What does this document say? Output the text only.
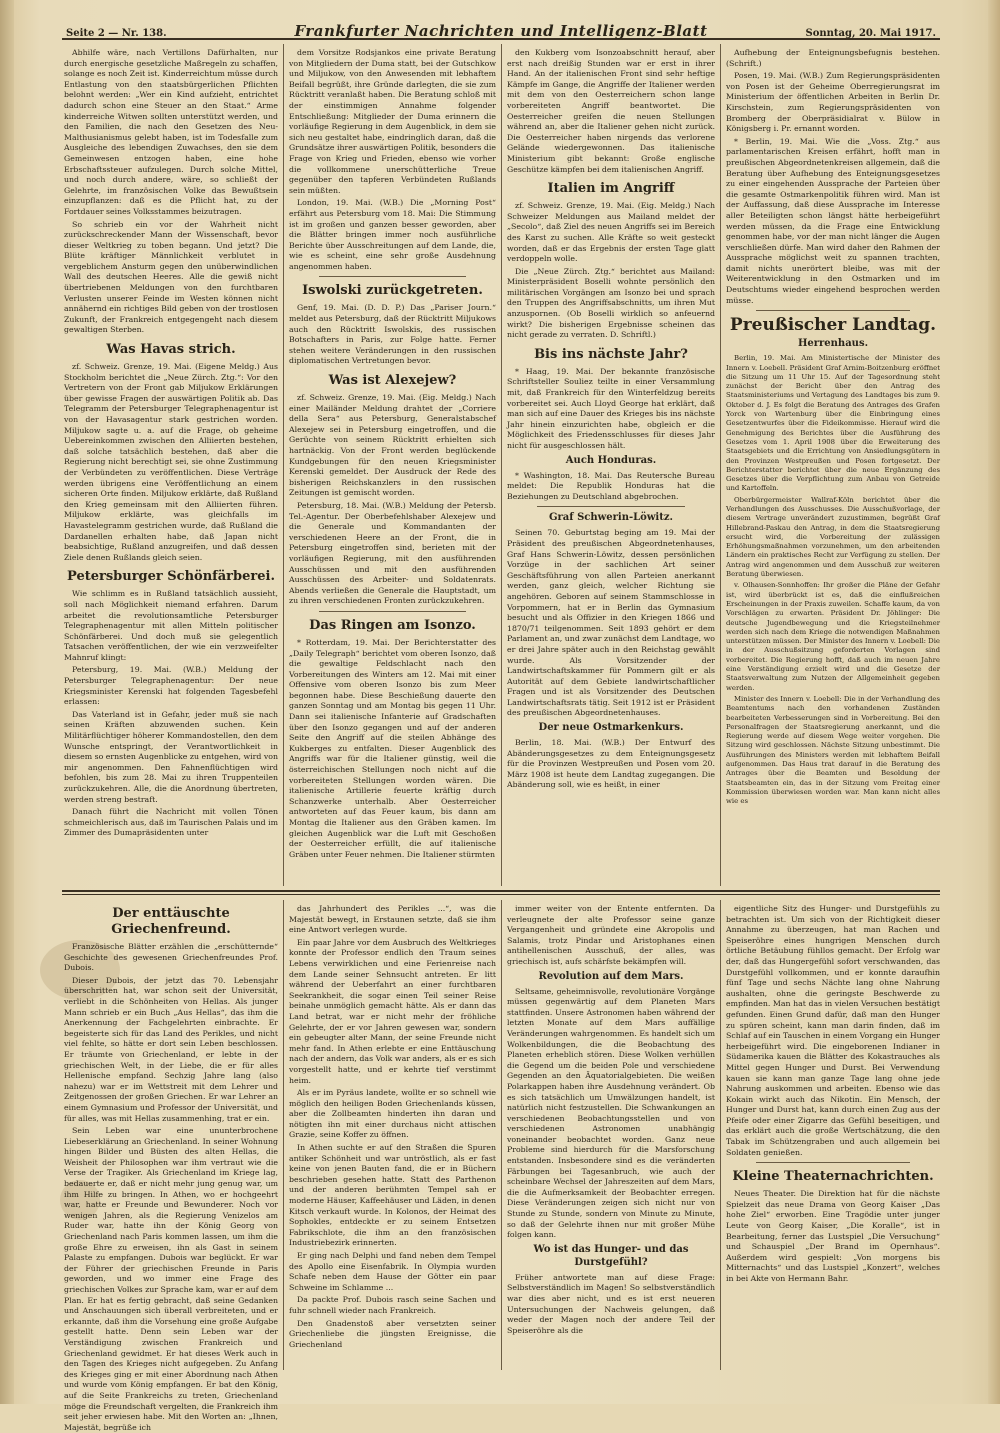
Seite 2 — Nr. 138.	Frankfurter Nachrichten und Intelligenz-Blatt	Sonntag, 20. Mai 1917.

Abhilfe wäre, nach Vertillons Dafürhalten, nur durch energische gesetzliche Maßregeln zu schaffen, solange es noch Zeit ist. Kinderreichtum müsse durch Entlastung von den staatsbürgerlichen Pflichten belohnt werden: „Wer ein Kind aufzieht, entrichtet dadurch schon eine Steuer an den Staat.“ Arme kinderreiche Witwen sollten unterstützt werden, und den Familien, die nach den Gesetzen des Neu-Malthusianismus gelebt haben, ist im Todesfalle zum Ausgleiche des lebendigen Zuwachses, den sie dem Gemeinwesen entzogen haben, eine hohe Erbschaftssteuer aufzulegen. Durch solche Mittel, und noch durch andere, wäre, so schließt der Gelehrte, im französischen Volke das Bewußtsein einzupflanzen: daß es die Pflicht hat, zu der Fortdauer seines Volksstammes beizutragen.

So schrieb ein vor der Wahrheit nicht zurückschreckender Mann der Wissenschaft, bevor dieser Weltkrieg zu toben begann. Und jetzt? Die Blüte kräftiger Männlichkeit verblutet in vergeblichem Ansturm gegen den unüberwindlichen Wall des deutschen Heeres. Alle die gewiß nicht übertriebenen Meldungen von den furchtbaren Verlusten unserer Feinde im Westen können nicht annähernd ein richtiges Bild geben von der trostlosen Zukunft, der Frankreich entgegengeht nach diesem gewaltigen Sterben.

Was Havas strich.

zf. Schweiz. Grenze, 19. Mai. (Eigene Meldg.) Aus Stockholm berichtet die „Neue Zürch. Ztg.“: Vor den Vertretern von der Front gab Miljukow Erklärungen über gewisse Fragen der auswärtigen Politik ab. Das Telegramm der Petersburger Telegraphenagentur ist von der Havasagentur stark gestrichen worden. Miljukow sagte u. a. auf die Frage, ob geheime Uebereinkommen zwischen den Alliierten bestehen, daß solche tatsächlich bestehen, daß aber die Regierung nicht berechtigt sei, sie ohne Zustimmung der Verbündeten zu veröffentlichen. Diese Verträge werden übrigens eine Veröffentlichung an einem sicheren Orte finden. Miljukow erklärte, daß Rußland den Krieg gemeinsam mit den Alliierten führen. Miljukow erklärte, was gleichfalls im Havastelegramm gestrichen wurde, daß Rußland die Dardanellen erhalten habe, daß Japan nicht beabsichtige, Rußland anzugreifen, und daß dessen Ziele denen Rußlands gleich seien.

Petersburger Schönfärberei.

Wie schlimm es in Rußland tatsächlich aussieht, soll nach Möglichkeit niemand erfahren. Darum arbeitet die revolutionsamtliche Petersburger Telegraphenagentur mit allen Mitteln politischer Schönfärberei. Und doch muß sie gelegentlich Tatsachen veröffentlichen, der wie ein verzweifelter Mahnruf klingt:

Petersburg, 19. Mai. (W.B.) Meldung der Petersburger Telegraphenagentur: Der neue Kriegsminister Kerenski hat folgenden Tagesbefehl erlassen:

Das Vaterland ist in Gefahr, jeder muß sie nach seinen Kräften abzuwenden suchen. Kein Militärflüchtiger höherer Kommandostellen, den dem Wunsche entspringt, der Verantwortlichkeit in diesem so ernsten Augenblicke zu entgehen, wird von mir angenommen. Den Fahnenflüchtigen wird befohlen, bis zum 28. Mai zu ihren Truppenteilen zurückzukehren. Alle, die die Anordnung übertreten, werden streng bestraft.

Danach führt die Nachricht mit vollen Tönen schmeichlerisch aus, daß im Taurischen Palais und im Zimmer des Dumapräsidenten unter

dem Vorsitze Rodsjankos eine private Beratung von Mitgliedern der Duma statt, bei der Gutschkow und Miljukow, von den Anwesenden mit lebhaftem Beifall begrüßt, ihre Gründe darlegten, die sie zum Rücktritt veranlaßt haben. Die Beratung schloß mit der einstimmigen Annahme folgender Entschließung: Mitglieder der Duma erinnern die vorläufige Regierung in dem Augenblick, in dem sie sich neu gestaltet habe, eindringlich daran, daß die Grundsätze ihrer auswärtigen Politik, besonders die Frage von Krieg und Frieden, ebenso wie vorher die vollkommene unerschütterliche Treue gegenüber den tapferen Verbündeten Rußlands sein müßten.

London, 19. Mai. (W.B.) Die „Morning Post“ erfährt aus Petersburg vom 18. Mai: Die Stimmung ist im großen und ganzen besser geworden, aber die Blätter bringen immer noch ausführliche Berichte über Ausschreitungen auf dem Lande, die, wie es scheint, eine sehr große Ausdehnung angenommen haben.

Iswolski zurückgetreten.

Genf, 19. Mai. (D. D. P.) Das „Pariser Journ.“ meldet aus Petersburg, daß der Rücktritt Miljukows auch den Rücktritt Iswolskis, des russischen Botschafters in Paris, zur Folge hatte. Ferner stehen weitere Veränderungen in den russischen diplomatischen Vertretungen bevor.

Was ist Alexejew?

zf. Schweiz. Grenze, 19. Mai. (Eig. Meldg.) Nach einer Mailänder Meldung drahtet der „Corriere della Sera“ aus Petersburg, Generalstabschef Alexejew sei in Petersburg eingetroffen, und die Gerüchte von seinem Rücktritt erhielten sich hartnäckig. Von der Front werden beglückende Kundgebungen für den neuen Kriegsminister Kerenski gemeldet. Der Ausdruck der Rede des bisherigen Reichskanzlers in den russischen Zeitungen ist gemischt worden.

Petersburg, 18. Mai. (W.B.) Meldung der Petersb. Tel.-Agentur. Der Oberbefehlshaber Alexejew und die Generale und Kommandanten der verschiedenen Heere an der Front, die in Petersburg eingetroffen sind, berieten mit der vorläufigen Regierung, mit den ausführenden Ausschüssen und mit den ausführenden Ausschüssen des Arbeiter- und Soldatenrats. Abends verließen die Generale die Hauptstadt, um zu ihren verschiedenen Fronten zurückzukehren.

Das Ringen am Isonzo.

* Rotterdam, 19. Mai. Der Berichterstatter des „Daily Telegraph“ berichtet vom oberen Isonzo, daß die gewaltige Feldschlacht nach den Vorbereitungen des Winters am 12. Mai mit einer Offensive vom oberen Isonzo bis zum Meer begonnen habe. Diese Beschießung dauerte den ganzen Sonntag und am Montag bis gegen 11 Uhr. Dann sei italienische Infanterie auf Gradschaften über den Isonzo gegangen und auf der anderen Seite den Angriff auf die steilen Abhänge des Kukberges zu entfalten. Dieser Augenblick des Angriffs war für die Italiener günstig, weil die österreichischen Stellungen noch nicht auf die vorbereiteten Stellungen worden wären. Die italienische Artillerie feuerte kräftig durch Schanzwerke unterhalb. Aber Oesterreicher antworteten auf das Feuer kaum, bis dann am Montag die Italiener aus den Gräben kamen. Im gleichen Augenblick war die Luft mit Geschoßen der Oesterreicher erfüllt, die auf italienische Gräben unter Feuer nehmen. Die Italiener stürmten

den Kukberg vom Isonzoabschnitt herauf, aber erst nach dreißig Stunden war er erst in ihrer Hand. An der italienischen Front sind sehr heftige Kämpfe im Gange, die Angriffe der Italiener werden mit dem von den Oesterreichern schon lange vorbereiteten Angriff beantwortet. Die Oesterreicher greifen die neuen Stellungen während an, aber die Italiener gehen nicht zurück. Die Oesterreicher haben nirgends das verlorene Gelände wiedergewonnen. Das italienische Ministerium gibt bekannt: Große englische Geschütze kämpfen bei dem italienischen Angriff.

Italien im Angriff

zf. Schweiz. Grenze, 19. Mai. (Eig. Meldg.) Nach Schweizer Meldungen aus Mailand meldet der „Secolo“, daß Ziel des neuen Angriffs sei im Bereich des Karst zu suchen. Alle Kräfte so weit gesteckt worden, daß er das Ergebnis der ersten Tage glatt verdoppeln wolle.

Die „Neue Zürch. Ztg.“ berichtet aus Mailand: Ministerpräsident Boselli wohnte persönlich den militärischen Vorgängen am Isonzo bei und sprach den Truppen des Angriffsabschnitts, um ihren Mut anzuspornen. (Ob Boselli wirklich so anfeuernd wirkt? Die bisherigen Ergebnisse scheinen das nicht gerade zu verraten. D. Schriftl.)

Bis ins nächste Jahr?

* Haag, 19. Mai. Der bekannte französische Schriftsteller Souliez teilte in einer Versammlung mit, daß Frankreich für den Winterfeldzug bereits vorbereitet sei. Auch Lloyd George hat erklärt, daß man sich auf eine Dauer des Krieges bis ins nächste Jahr hinein einzurichten habe, obgleich er die Möglichkeit des Friedensschlusses für dieses Jahr nicht für ausgeschlossen hält.

Auch Honduras.

* Washington, 18. Mai. Das Reutersche Bureau meldet: Die Republik Honduras hat die Beziehungen zu Deutschland abgebrochen.

Graf Schwerin-Löwitz.

Seinen 70. Geburtstag beging am 19. Mai der Präsident des preußischen Abgeordnetenhauses, Graf Hans Schwerin-Löwitz, dessen persönlichen Vorzüge in der sachlichen Art seiner Geschäftsführung von allen Parteien anerkannt werden, ganz gleich, welcher Richtung sie angehören. Geboren auf seinem Stammschlosse in Vorpommern, hat er in Berlin das Gymnasium besucht und als Offizier in den Kriegen 1866 und 1870/71 teilgenommen. Seit 1893 gehört er dem Parlament an, und zwar zunächst dem Landtage, wo er drei Jahre später auch in den Reichstag gewählt wurde. Als Vorsitzender der Landwirtschaftskammer für Pommern gilt er als Autorität auf dem Gebiete landwirtschaftlicher Fragen und ist als Vorsitzender des Deutschen Landwirtschaftsrats tätig. Seit 1912 ist er Präsident des preußischen Abgeordnetenhauses.

Der neue Ostmarkenkurs.

Berlin, 18. Mai. (W.B.) Der Entwurf des Abänderungsgesetzes zu dem Enteignungsgesetz für die Provinzen Westpreußen und Posen vom 20. März 1908 ist heute dem Landtag zugegangen. Die Abänderung soll, wie es heißt, in einer

Aufhebung der Enteignungsbefugnis bestehen. (Schrift.)

Posen, 19. Mai. (W.B.) Zum Regierungspräsidenten von Posen ist der Geheime Oberregierungsrat im Ministerium der öffentlichen Arbeiten in Berlin Dr. Kirschstein, zum Regierungspräsidenten von Bromberg der Oberpräsidialrat v. Bülow in Königsberg i. Pr. ernannt worden.

* Berlin, 19. Mai. Wie die „Voss. Ztg.“ aus parlamentarischen Kreisen erfährt, hofft man in preußischen Abgeordnetenkreisen allgemein, daß die Beratung über Aufhebung des Enteignungsgesetzes zu einer eingehenden Aussprache der Parteien über die gesamte Ostmarkenpolitik führen wird. Man ist der Auffassung, daß diese Aussprache im Interesse aller Beteiligten schon längst hätte herbeigeführt werden müssen, da die Frage eine Entwicklung genommen habe, vor der man nicht länger die Augen verschließen dürfe. Man wird daher den Rahmen der Aussprache möglichst weit zu spannen trachten, damit nichts unerörtert bleibe, was mit der Weiterentwicklung in den Ostmarken und im Deutschtums wieder eingehend besprochen werden müsse.

Preußischer Landtag.
Herrenhaus.

Berlin, 19. Mai. Am Ministertische der Minister des Innern v. Loebell. Präsident Graf Arnim-Boitzenburg eröffnet die Sitzung um 11 Uhr 15. Auf der Tagesordnung steht zunächst der Bericht über den Antrag des Staatsministeriums und Vertagung des Landtages bis zum 9. Oktober d. J. Es folgt die Beratung des Antrages des Grafen Yorck von Wartenburg über die Einbringung eines Gesetzentwurfes über die Fideikommisse. Hierauf wird die Genehmigung des Berichtes über die Ausführung des Gesetzes vom 1. April 1908 über die Erweiterung des Staatsgebiets und die Errichtung von Ansiedlungsgütern in den Provinzen Westpreußen und Posen fortgesetzt. Der Berichterstatter berichtet über die neue Ergänzung des Gesetzes über die Verpflichtung zum Anbau von Getreide und Kartoffeln.

Oberbürgermeister Wallraf-Köln berichtet über die Verhandlungen des Ausschusses. Die Ausschußvorlage, der diesem Vertrage unverändert zuzustimmen, begrüßt Graf Hillebrand-Paskau den Antrag, in dem die Staatsregierung ersucht wird, die Vorbereitung der zulässigen Erhöhungsmaßnahmen vorzunehmen, um den arbeitenden Ländern ein praktisches Recht zur Verfügung zu stellen. Der Antrag wird angenommen und dem Ausschuß zur weiteren Beratung überwiesen.

v. Olhausen-Sonnhoffen: Ihr großer die Pläne der Gefahr ist, wird überbrückt ist es, daß die einflußreichen Erscheinungen in der Praxis zuweilen. Schaffe kaum, da von Vorschlägen zu erwarten. Präsident Dr. Jöhlinger: Die deutsche Jugendbewegung und die Kriegsteilnehmer werden sich nach dem Kriege die notwendigen Maßnahmen unterstützen müssen. Der Minister des Innern v. Loebell: Die in der Ausschußsitzung geforderten Vorlagen sind vorbereitet. Die Regierung hofft, daß auch im neuen Jahre eine Verständigung erzielt wird und die Gesetze der Staatsverwaltung zum Nutzen der Allgemeinheit gegeben werden.

Minister des Innern v. Loebell: Die in der Verhandlung des Beamtentums nach den vorhandenen Zuständen bearbeiteten Verbesserungen sind in Vorbereitung. Bei den Personalfragen der Staatsregierung anerkannt, und die Regierung werde auf diesem Wege weiter vorgehen. Die Sitzung wird geschlossen. Nächste Sitzung unbestimmt. Die Ausführungen des Ministers werden mit lebhaftem Beifall aufgenommen. Das Haus trat darauf in die Beratung des Antrages über die Beamten und Besoldung der Staatsbeamten ein, das in der Sitzung vom Freitag einer Kommission überwiesen worden war. Man kann nicht alles wie es

Der enttäuschte Griechenfreund.

Französische Blätter erzählen die „erschütternde“ Geschichte des gewesenen Griechenfreundes Prof. Dubois.

Dieser Dubois, der jetzt das 70. Lebensjahr überschritten hat, war schon seit der Universität, verliebt in die Schönheiten von Hellas. Als junger Mann schrieb er ein Buch „Aus Hellas“, das ihm die Anerkennung der Fachgelehrten einbrachte. Er begeisterte sich für das Land des Perikles, und nicht viel fehlte, so hätte er dort sein Leben beschlossen. Er träumte von Griechenland, er lebte in der griechischen Welt, in der Liebe, die er für alles Hellenische empfand. Sechzig Jahre lang (also nahezu) war er im Wettstreit mit dem Lehrer und Zeitgenossen der großen Griechen. Er war Lehrer an einem Gymnasium und Professor der Universität, und für alles, was mit Hellas zusammenhing, trat er ein.

Sein Leben war eine ununterbrochene Liebeserklärung an Griechenland. In seiner Wohnung hingen Bilder und Büsten des alten Hellas, die Weisheit der Philosophen war ihm vertraut wie die Verse der Tragiker. Als Griechenland im Kriege lag, bedauerte er, daß er nicht mehr jung genug war, um ihm Hilfe zu bringen. In Athen, wo er hochgeehrt war, hatte er Freunde und Bewunderer. Noch vor wenigen Jahren, als die Regierung Venizelos am Ruder war, hatte ihn der König Georg von Griechenland nach Paris kommen lassen, um ihm die große Ehre zu erweisen, ihn als Gast in seinem Palaste zu empfangen. Dubois war beglückt. Er war der Führer der griechischen Freunde in Paris geworden, und wo immer eine Frage des griechischen Volkes zur Sprache kam, war er auf dem Plan. Er hat es fertig gebracht, daß seine Gedanken und Anschauungen sich überall verbreiteten, und er erkannte, daß ihm die Vorsehung eine große Aufgabe gestellt hatte. Denn sein Leben war der Verständigung zwischen Frankreich und Griechenland gewidmet. Er hat dieses Werk auch in den Tagen des Krieges nicht aufgegeben. Zu Anfang des Krieges ging er mit einer Abordnung nach Athen und wurde vom König empfangen. Er bat den König, auf die Seite Frankreichs zu treten, Griechenland möge die Freundschaft vergelten, die Frankreich ihm seit jeher erwiesen habe. Mit den Worten an: „Ihnen, Majestät, begrüße ich

das Jahrhundert des Perikles ...“, was die Majestät bewegt, in Erstaunen setzte, daß sie ihm eine Antwort verlegen wurde.

Ein paar Jahre vor dem Ausbruch des Weltkrieges konnte der Professor endlich den Traum seines Lebens verwirklichen und eine Ferienreise nach dem Lande seiner Sehnsucht antreten. Er litt während der Ueberfahrt an einer furchtbaren Seekrankheit, die sogar einen Teil seiner Reise beinahe unmöglich gemacht hätte. Als er dann das Land betrat, war er nicht mehr der fröhliche Gelehrte, der er vor Jahren gewesen war, sondern ein gebeugter alter Mann, der seine Freunde nicht mehr fand. In Athen erlebte er eine Enttäuschung nach der andern, das Volk war anders, als er es sich vorgestellt hatte, und er kehrte tief verstimmt heim.

Als er im Pyräus landete, wollte er so schnell wie möglich den heiligen Boden Griechenlands küssen, aber die Zollbeamten hinderten ihn daran und nötigten ihn mit einer durchaus nicht attischen Grazie, seine Koffer zu öffnen.

In Athen suchte er auf den Straßen die Spuren antiker Schönheit und war untröstlich, als er fast keine von jenen Bauten fand, die er in Büchern beschrieben gesehen hatte. Statt des Parthenon und der anderen berühmten Tempel sah er moderne Häuser, Kaffeehäuser und Läden, in denen Kitsch verkauft wurde. In Kolonos, der Heimat des Sophokles, entdeckte er zu seinem Entsetzen Fabrikschlote, die ihm an den französischen Industriebezirk erinnerten.

Er ging nach Delphi und fand neben dem Tempel des Apollo eine Eisenfabrik. In Olympia wurden Schafe neben dem Hause der Götter ein paar Schweine im Schlamme ...

Da packte Prof. Dubois rasch seine Sachen und fuhr schnell wieder nach Frankreich.

Den Gnadenstoß aber versetzten seiner Griechenliebe die jüngsten Ereignisse, die Griechenland

immer weiter von der Entente entfernten. Da verleugnete der alte Professor seine ganze Vergangenheit und gründete eine Akropolis und Salamis, trotz Pindar und Aristophanes einen antihellenischen Ausschuß, der alles, was griechisch ist, aufs schärfste bekämpfen will.

Revolution auf dem Mars.

Seltsame, geheimnisvolle, revolutionäre Vorgänge müssen gegenwärtig auf dem Planeten Mars stattfinden. Unsere Astronomen haben während der letzten Monate auf dem Mars auffällige Veränderungen wahrgenommen. Es handelt sich um Wolkenbildungen, die die Beobachtung des Planeten erheblich stören. Diese Wolken verhüllen die Gegend um die beiden Pole und verschiedene Gegenden an den Äquatorialgebieten. Die weißen Polarkappen haben ihre Ausdehnung verändert. Ob es sich tatsächlich um Umwälzungen handelt, ist natürlich nicht festzustellen. Die Schwankungen an verschiedenen Beobachtungsstellen und von verschiedenen Astronomen unabhängig voneinander beobachtet worden. Ganz neue Probleme sind hierdurch für die Marsforschung entstanden. Insbesondere sind es die veränderten Färbungen bei Tagesanbruch, wie auch der scheinbare Wechsel der Jahreszeiten auf dem Mars, die die Aufmerksamkeit der Beobachter erregen. Diese Veränderungen zeigen sich nicht nur von Stunde zu Stunde, sondern von Minute zu Minute, so daß der Gelehrte ihnen nur mit großer Mühe folgen kann.

Wo ist das Hunger- und das Durstgefühl?

Früher antwortete man auf diese Frage: Selbstverständlich im Magen! So selbstverständlich war dies aber nicht, und es ist erst neueren Untersuchungen der Nachweis gelungen, daß weder der Magen noch der andere Teil der Speiseröhre als die

eigentliche Sitz des Hunger- und Durstgefühls zu betrachten ist. Um sich von der Richtigkeit dieser Annahme zu überzeugen, hat man Rachen und Speiseröhre eines hungrigen Menschen durch örtliche Betäubung fühllos gemacht. Der Erfolg war der, daß das Hungergefühl sofort verschwanden, das Durstgefühl vollkommen, und er konnte daraufhin fünf Tage und sechs Nächte lang ohne Nahrung aushalten, ohne die geringste Beschwerde zu empfinden. Man hat das in vielen Versuchen bestätigt gefunden. Einen Grund dafür, daß man den Hunger zu spüren scheint, kann man darin finden, daß im Schlaf auf ein Tauschen in einem Vorgang ein Hunger herbeigeführt wird. Die eingeborenen Indianer in Südamerika kauen die Blätter des Kokastrauches als Mittel gegen Hunger und Durst. Bei Verwendung kauen sie kann man ganze Tage lang ohne jede Nahrung auskommen und arbeiten. Ebenso wie das Kokain wirkt auch das Nikotin. Ein Mensch, der Hunger und Durst hat, kann durch einen Zug aus der Pfeife oder einer Zigarre das Gefühl beseitigen, und das erklärt auch die große Wertschätzung, die den Tabak im Schützengraben und auch allgemein bei Soldaten genießen.

Kleine Theaternachrichten.

Neues Theater. Die Direktion hat für die nächste Spielzeit das neue Drama von Georg Kaiser „Das hohe Ziel“ erworben. Eine Tragödie unter junger Leute von Georg Kaiser, „Die Koralle“, ist in Bearbeitung, ferner das Lustspiel „Die Versuchung“ und Schauspiel „Der Brand im Opernhaus“. Außerdem wird gespielt: „Von morgens bis Mitternachts“ und das Lustspiel „Konzert“, welches in bei Akte von Hermann Bahr.
